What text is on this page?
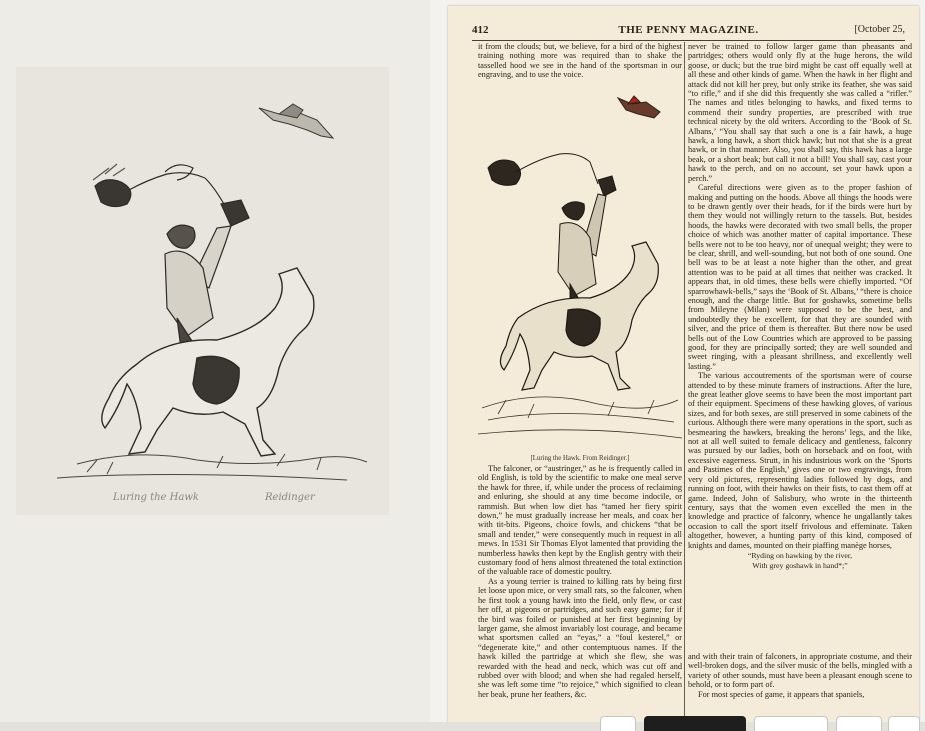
Luring the Hawk	Reidinger
412	THE PENNY MAGAZINE.	[October 25,

it from the clouds; but, we believe, for a bird of the highest training nothing more was required than to shake the tasselled hood we see in the hand of the sportsman in our engraving, and to use the voice.

[Luring the Hawk. From Reidinger.]

The falconer, or “austringer,” as he is frequently called in old English, is told by the scientific to make one meal serve the hawk for three, if, while under the process of reclaiming and enluring, she should at any time become indocile, or rammish. But when low diet has “tamed her fiery spirit down,” he must gradually increase her meals, and coax her with tit-bits. Pigeons, choice fowls, and chickens “that be small and tender,” were consequently much in request in all mews. In 1531 Sir Thomas Elyot lamented that providing the numberless hawks then kept by the English gentry with their customary food of hens almost threatened the total extinction of the valuable race of domestic poultry.

As a young terrier is trained to killing rats by being first let loose upon mice, or very small rats, so the falconer, when he first took a young hawk into the field, only flew, or cast her off, at pigeons or partridges, and such easy game; for if the bird was foiled or punished at her first beginning by larger game, she almost invariably lost courage, and became what sportsmen called an “eyas,” a “foul kesterel,” or “degenerate kite,” and other contemptuous names. If the hawk killed the partridge at which she flew, she was rewarded with the head and neck, which was cut off and rubbed over with blood; and when she had regaled herself, she was left some time “to rejoice,” which signified to clean her beak, prune her feathers, &c.

never be trained to follow larger game than pheasants and partridges; others would only fly at the huge herons, the wild goose, or duck; but the true bird might be cast off equally well at all these and other kinds of game. When the hawk in her flight and attack did not kill her prey, but only strike its feather, she was said “to rifle,” and if she did this frequently she was called a “rifler.” The names and titles belonging to hawks, and fixed terms to commend their sundry properties, are prescribed with true technical nicety by the old writers. According to the ‘Book of St. Albans,’ “You shall say that such a one is a fair hawk, a huge hawk, a long hawk, a short thick hawk; but not that she is a great hawk, or in that manner. Also, you shall say, this hawk has a large beak, or a short beak; but call it not a bill! You shall say, cast your hawk to the perch, and on no account, set your hawk upon a perch.”

Careful directions were given as to the proper fashion of making and putting on the hoods. Above all things the hoods were to be drawn gently over their heads, for if the birds were hurt by them they would not willingly return to the tassels. But, besides hoods, the hawks were decorated with two small bells, the proper choice of which was another matter of capital importance. These bells were not to be too heavy, nor of unequal weight; they were to be clear, shrill, and well-sounding, but not both of one sound. One bell was to be at least a note higher than the other, and great attention was to be paid at all times that neither was cracked. It appears that, in old times, these bells were chiefly imported. “Of sparrowhawk-bells,” says the ‘Book of St. Albans,’ “there is choice enough, and the charge little. But for goshawks, sometime bells from Mileyne (Milan) were supposed to be the best, and undoubtedly they be excellent, for that they are sounded with silver, and the price of them is thereafter. But there now be used bells out of the Low Countries which are approved to be passing good, for they are principally sorted; they are well sounded and sweet ringing, with a pleasant shrillness, and excellently well lasting.”

The various accoutrements of the sportsman were of course attended to by these minute framers of instructions. After the lure, the great leather glove seems to have been the most important part of their equipment. Specimens of these hawking gloves, of various sizes, and for both sexes, are still preserved in some cabinets of the curious. Although there were many operations in the sport, such as besmearing the hawkers, breaking the herons’ legs, and the like, not at all well suited to female delicacy and gentleness, falconry was pursued by our ladies, both on horseback and on foot, with excessive eagerness. Strutt, in his industrious work on the ‘Sports and Pastimes of the English,’ gives one or two engravings, from very old pictures, representing ladies followed by dogs, and running on foot, with their hawks on their fists, to cast them off at game. Indeed, John of Salisbury, who wrote in the thirteenth century, says that the women even excelled the men in the knowledge and practice of falconry, whence he ungallantly takes occasion to call the sport itself frivolous and effeminate. Taken altogether, however, a hunting party of this kind, composed of knights and dames, mounted on their piaffing manège horses,

“Ryding on hawking by the river,
With grey goshawk in hand*;”

and with their train of falconers, in appropriate costume, and their well-broken dogs, and the silver music of the bells, mingled with a variety of other sounds, must have been a pleasant enough scene to behold, or to form part of.

For most species of game, it appears that spaniels,
